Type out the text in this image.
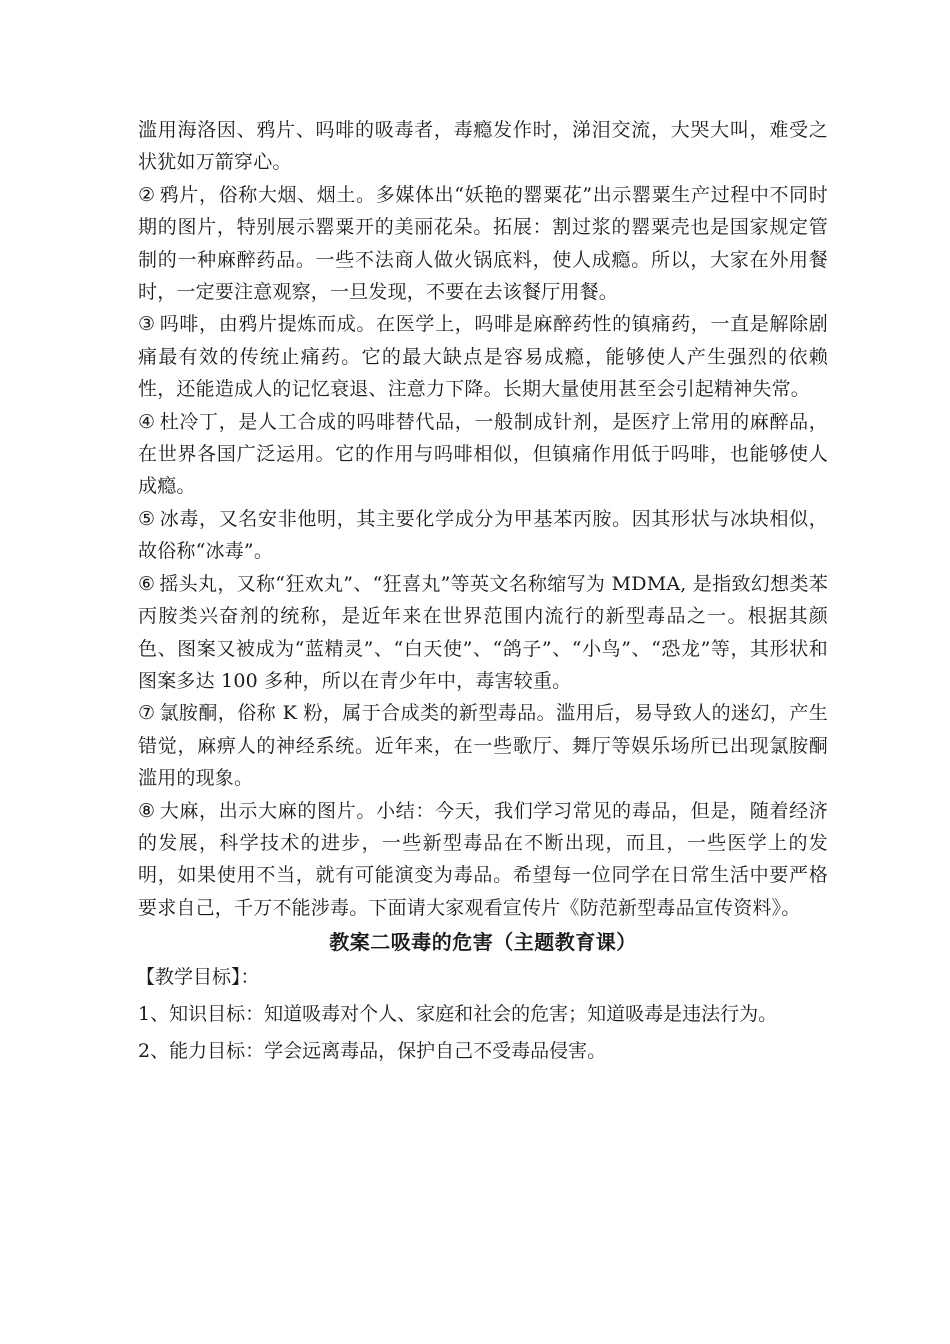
滥用海洛因、鸦片、吗啡的吸毒者，毒瘾发作时，涕泪交流，大哭大叫，难受之状犹如万箭穿心。

② 鸦片，俗称大烟、烟土。多媒体出“妖艳的罂粟花”出示罂粟生产过程中不同时期的图片，特别展示罂粟开的美丽花朵。拓展：割过浆的罂粟壳也是国家规定管制的一种麻醉药品。一些不法商人做火锅底料，使人成瘾。所以，大家在外用餐时，一定要注意观察，一旦发现，不要在去该餐厅用餐。

③ 吗啡，由鸦片提炼而成。在医学上，吗啡是麻醉药性的镇痛药，一直是解除剧痛最有效的传统止痛药。它的最大缺点是容易成瘾，能够使人产生强烈的依赖性，还能造成人的记忆衰退、注意力下降。长期大量使用甚至会引起精神失常。

④ 杜冷丁，是人工合成的吗啡替代品，一般制成针剂，是医疗上常用的麻醉品，在世界各国广泛运用。它的作用与吗啡相似，但镇痛作用低于吗啡，也能够使人成瘾。

⑤ 冰毒，又名安非他明，其主要化学成分为甲基苯丙胺。因其形状与冰块相似，故俗称“冰毒”。

⑥ 摇头丸，又称“狂欢丸”、“狂喜丸”等英文名称缩写为 MDMA, 是指致幻想类苯丙胺类兴奋剂的统称，是近年来在世界范围内流行的新型毒品之一。根据其颜色、图案又被成为“蓝精灵”、“白天使”、“鸽子”、“小鸟”、“恐龙”等，其形状和图案多达 100 多种，所以在青少年中，毒害较重。

⑦ 氯胺酮，俗称 K 粉，属于合成类的新型毒品。滥用后，易导致人的迷幻，产生错觉，麻痹人的神经系统。近年来，在一些歌厅、舞厅等娱乐场所已出现氯胺酮滥用的现象。

⑧ 大麻，出示大麻的图片。小结：今天，我们学习常见的毒品，但是，随着经济的发展，科学技术的进步，一些新型毒品在不断出现，而且，一些医学上的发明，如果使用不当，就有可能演变为毒品。希望每一位同学在日常生活中要严格要求自己，千万不能涉毒。下面请大家观看宣传片《防范新型毒品宣传资料》。

教案二吸毒的危害（主题教育课）

【教学目标】：

1、知识目标：知道吸毒对个人、家庭和社会的危害；知道吸毒是违法行为。

2、能力目标：学会远离毒品，保护自己不受毒品侵害。
